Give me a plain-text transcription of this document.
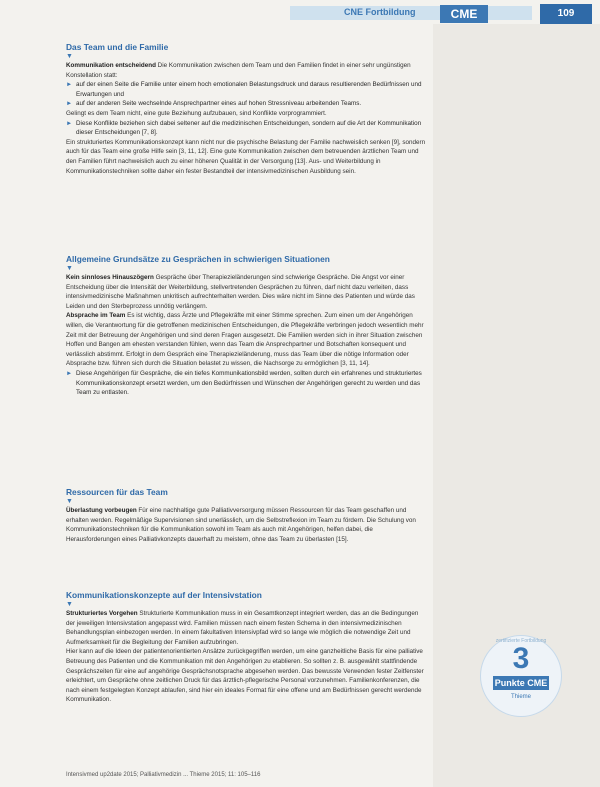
CNE Fortbildung	CME	109
Das Team und die Familie
▼

Kommunikation entscheidend Die Kommunikation zwischen dem Team und den Familien findet in einer sehr ungünstigen Konstellation statt:

► auf der einen Seite die Familie unter einem hoch emotionalen Belastungsdruck und daraus resultierenden Bedürfnissen und Erwartungen und
► auf der anderen Seite wechselnde Ansprechpartner eines auf hohen Stressniveau arbeitenden Teams.

Gelingt es dem Team nicht, eine gute Beziehung aufzubauen, sind Konflikte vorprogrammiert.

► Diese Konflikte beziehen sich dabei seltener auf die medizinischen Entscheidungen, sondern auf die Art der Kommunikation dieser Entscheidungen [7, 8].

Ein strukturiertes Kommunikationskonzept kann nicht nur die psychische Belastung der Familie nachweislich senken [9], sondern auch für das Team eine große Hilfe sein [3, 11, 12]. Eine gute Kommunikation zwischen dem betreuenden ärztlichen Team und den Familien führt nachweislich auch zu einer höheren Qualität in der Versorgung [13]. Aus- und Weiterbildung in Kommunikationstechniken sollte daher ein fester Bestandteil der intensivmedizinischen Ausbildung sein.

Allgemeine Grundsätze zu Gesprächen in schwierigen Situationen
▼

Kein sinnloses Hinauszögern Gespräche über Therapiezieländerungen sind schwierige Gespräche. Die Angst vor einer Entscheidung über die Intensität der Weiterbildung, stellvertretenden Gesprächen zu führen, darf nicht dazu verleiten, dass intensivmedizinische Maßnahmen unkritisch aufrechterhalten werden. Dies wäre nicht im Sinne des Patienten und würde das Leiden und den Sterbeprozess unnötig verlängern.

Absprache im Team Es ist wichtig, dass Ärzte und Pflegekräfte mit einer Stimme sprechen. Zum einen um der Angehörigen willen, die Verantwortung für die getroffenen medizinischen Entscheidungen, die Pflegekräfte verbringen jedoch wesentlich mehr Zeit mit der Betreuung der Angehörigen und sind deren Fragen ausgesetzt. Die Familien werden sich in ihrer Situation zwischen Hoffen und Bangen am ehesten verstanden fühlen, wenn das Team die Ansprechpartner und Botschaften konsequent und verlässlich abstimmt. Erfolgt in dem Gespräch eine Therapiezieländerung, muss das Team über die nötige Information oder Absprache bzw. führen sich durch die Situation belastet zu wissen, die Nachsorge zu ermöglichen [3, 11, 14].

► Diese Angehörigen für Gespräche, die ein tiefes Kommunikationsbild werden, sollten durch ein erfahrenes und strukturiertes Kommunikationskonzept ersetzt werden, um den Bedürfnissen und Wünschen der Angehörigen gerecht zu werden und das Team zu entlasten.
Ressourcen für das Team
▼

Überlastung vorbeugen Für eine nachhaltige gute Palliativversorgung müssen Ressourcen für das Team geschaffen und erhalten werden. Regelmäßige Supervisionen sind unerlässlich, um die Selbstreflexion im Team zu fördern. Die Schulung von Kommunikationstechniken für die Kommunikation sowohl im Team als auch mit Angehörigen, helfen dabei, die Herausforderungen eines Palliativkonzepts dauerhaft zu meistern, ohne das Team zu überlasten [15].

Kommunikationskonzepte auf der Intensivstation
▼

Strukturiertes Vorgehen Strukturierte Kommunikation muss in ein Gesamtkonzept integriert werden, das an die Bedingungen der jeweiligen Intensivstation angepasst wird. Familien müssen nach einem festen Schema in den intensivmedizinischen Behandlungsplan einbezogen werden. In einem fakultativen Intensivpfad wird so lange wie möglich die notwendige Zeit und Aufmerksamkeit für die Begleitung der Familien aufzubringen.

Hier kann auf die Ideen der patientenorientierten Ansätze zurückgegriffen werden, um eine ganzheitliche Basis für eine palliative Betreuung des Patienten und die Kommunikation mit den Angehörigen zu etablieren. So sollten z. B. ausgewählt stattfindende Gesprächszeiten für eine auf angehörige Gesprächsnotsprache abgesehen werden. Das bewusste Verwenden fester Zeitfenster erleichtert, um Gespräche ohne zeitlichen Druck für das ärztlich-pflegerische Personal vorzunehmen. Familienkonferenzen, die nach einem festgelegten Konzept ablaufen, sind hier ein ideales Format für eine offene und am Bedürfnissen gerecht werdende Kommunikation.

zertifizierte Fortbildung
3
Punkte CME
Thieme
Intensivmed up2date 2015; Palliativmedizin ... Thieme 2015; 11: 105–116
